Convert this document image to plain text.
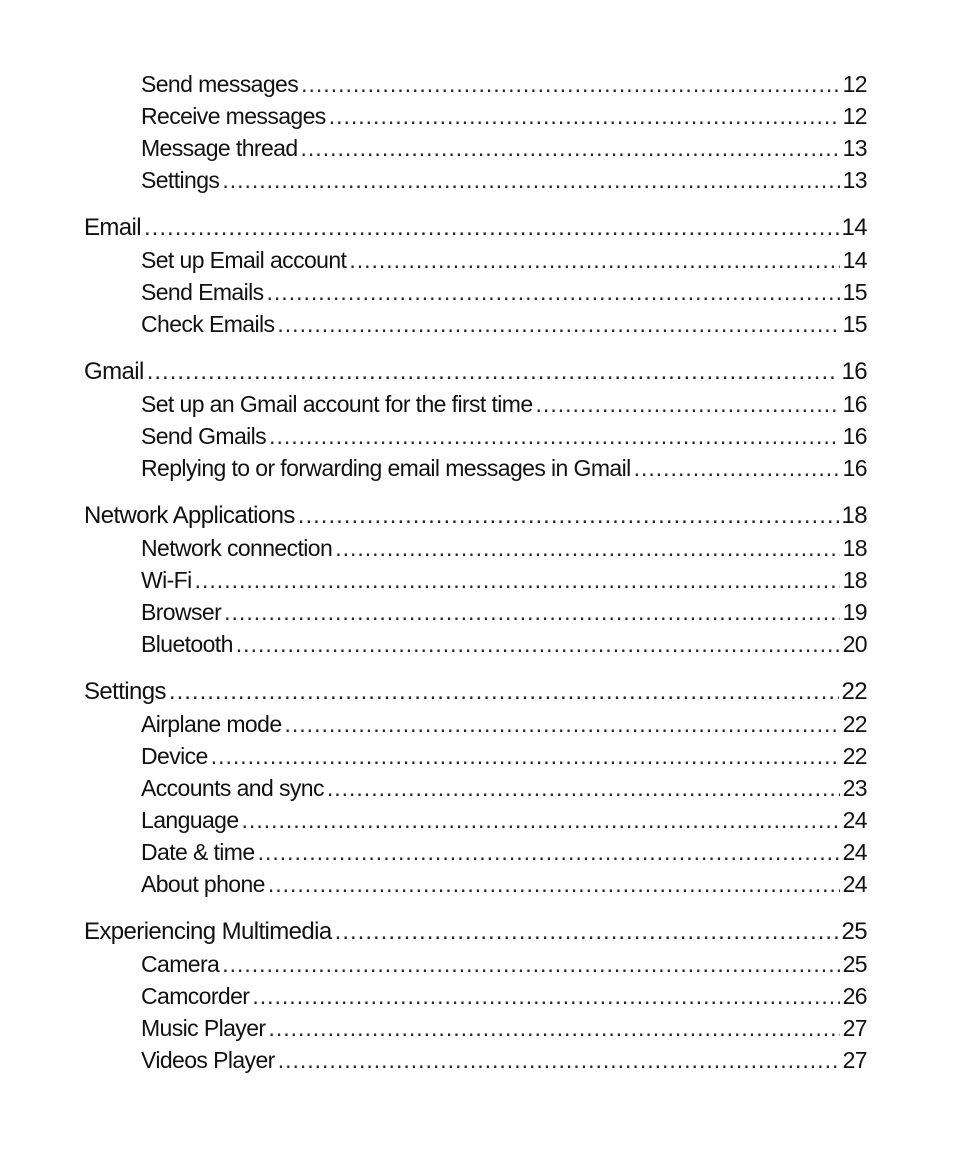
Send messages .....	12
Receive messages .....	12
Message thread .....	13
Settings .....	13
Email .....	14
Set up Email account .....	14
Send Emails .....	15
Check Emails .....	15
Gmail .....	16
Set up an Gmail account for the first time .....	16
Send Gmails .....	16
Replying to or forwarding email messages in Gmail .....	16
Network Applications .....	18
Network connection .....	18
Wi-Fi .....	18
Browser .....	19
Bluetooth .....	20
Settings .....	22
Airplane mode .....	22
Device .....	22
Accounts and sync .....	23
Language .....	24
Date & time .....	24
About phone .....	24
Experiencing Multimedia .....	25
Camera .....	25
Camcorder .....	26
Music Player .....	27
Videos Player .....	27
